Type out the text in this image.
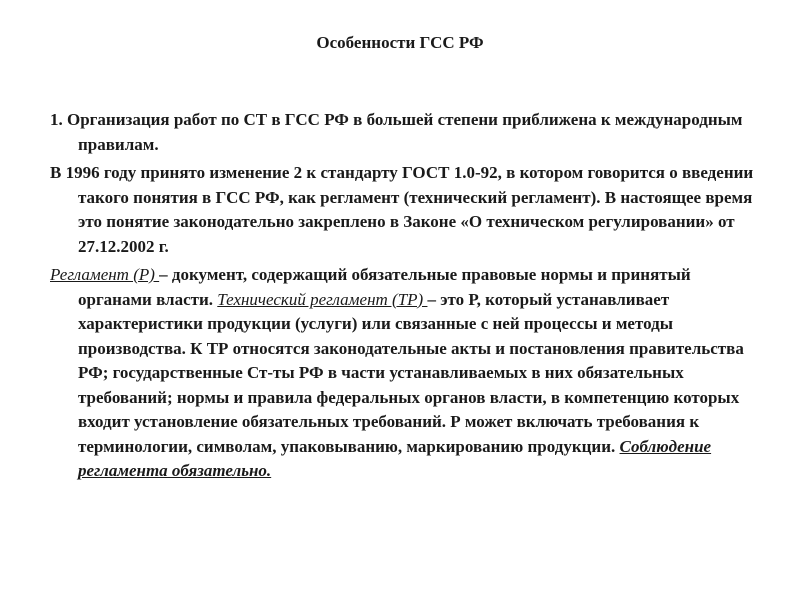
Особенности ГСС РФ

1. Организация работ по СТ в ГСС РФ в большей степени приближена к международным правилам.

В 1996 году принято изменение 2 к стандарту ГОСТ 1.0-92, в котором говорится о введении такого понятия в ГСС РФ, как регламент (технический регламент). В настоящее время это понятие законодательно закреплено в Законе «О техническом регулировании» от 27.12.2002 г.

Регламент (Р) – документ, содержащий обязательные правовые нормы и принятый органами власти. Технический регламент (ТР) – это Р, который устанавливает характеристики продукции (услуги) или связанные с ней процессы и методы производства. К ТР относятся законодательные акты и постановления правительства РФ; государственные Ст-ты РФ в части устанавливаемых в них обязательных требований; нормы и правила федеральных органов власти, в компетенцию которых входит установление обязательных требований. Р может включать требования к терминологии, символам, упаковыванию, маркированию продукции. Соблюдение регламента обязательно.
